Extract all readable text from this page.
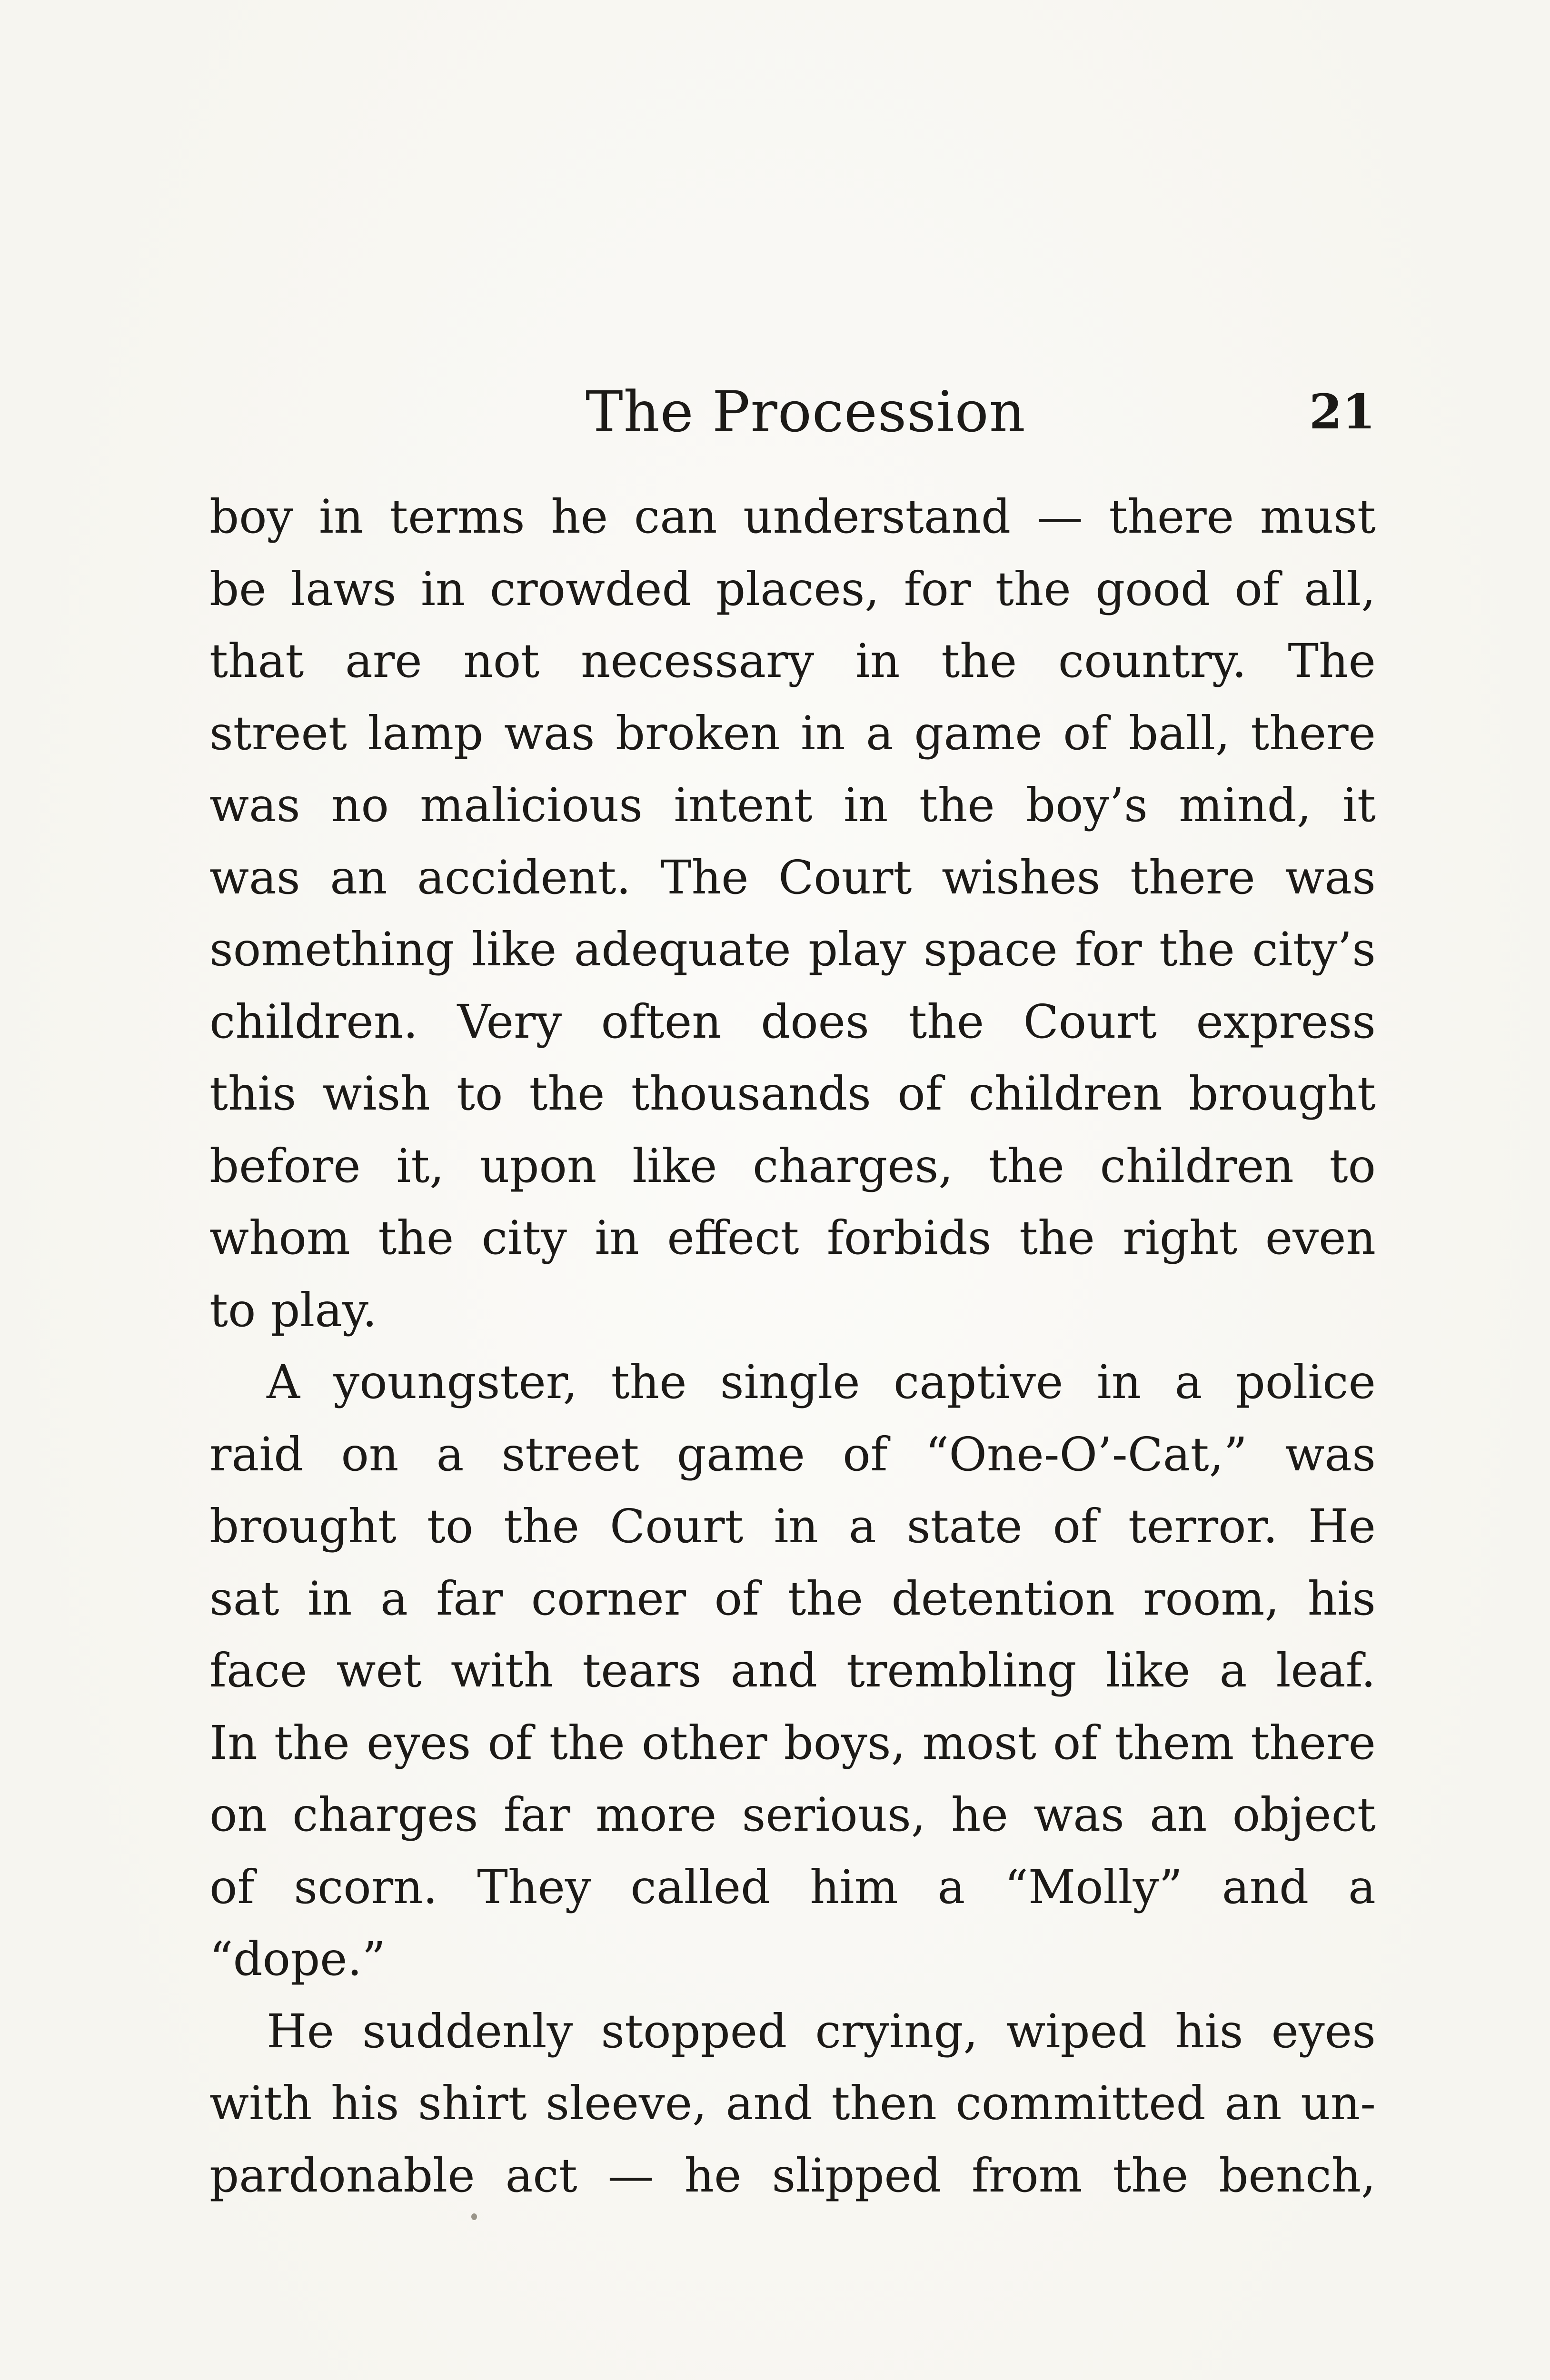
The Procession	21
boy in terms he can understand — there must
be laws in crowded places, for the good of all,
that are not necessary in the country. The
street lamp was broken in a game of ball, there
was no malicious intent in the boy’s mind, it
was an accident. The Court wishes there was
something like adequate play space for the city’s
children. Very often does the Court express
this wish to the thousands of children brought
before it, upon like charges, the children to
whom the city in effect forbids the right even
to play.
A youngster, the single captive in a police
raid on a street game of “One-O’-Cat,” was
brought to the Court in a state of terror. He
sat in a far corner of the detention room, his
face wet with tears and trembling like a leaf.
In the eyes of the other boys, most of them there
on charges far more serious, he was an object
of scorn. They called him a “Molly” and a
“dope.”
He suddenly stopped crying, wiped his eyes
with his shirt sleeve, and then committed an un-
pardonable act — he slipped from the bench,
